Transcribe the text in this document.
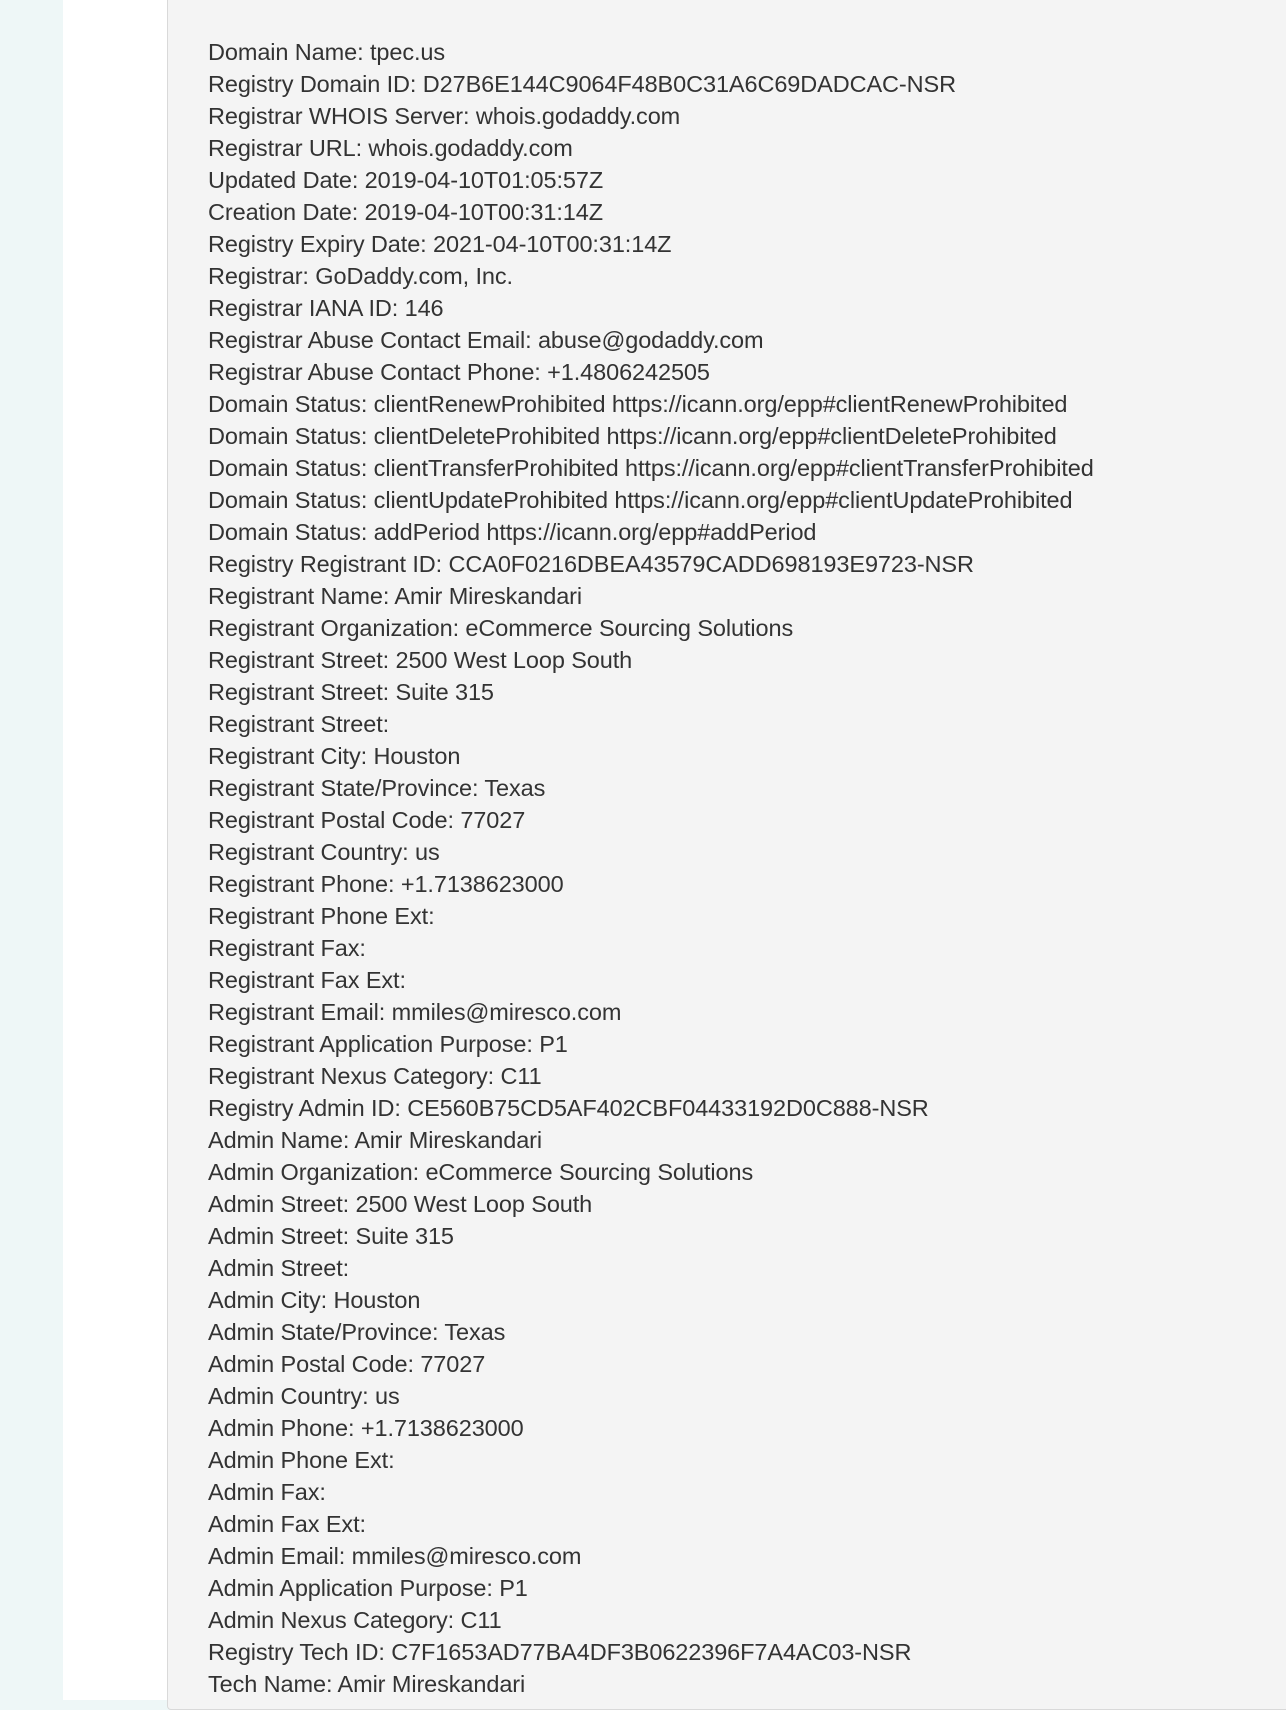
Domain Name: tpec.us
Registry Domain ID: D27B6E144C9064F48B0C31A6C69DADCAC-NSR
Registrar WHOIS Server: whois.godaddy.com
Registrar URL: whois.godaddy.com
Updated Date: 2019-04-10T01:05:57Z
Creation Date: 2019-04-10T00:31:14Z
Registry Expiry Date: 2021-04-10T00:31:14Z
Registrar: GoDaddy.com, Inc.
Registrar IANA ID: 146
Registrar Abuse Contact Email: abuse@godaddy.com
Registrar Abuse Contact Phone: +1.4806242505
Domain Status: clientRenewProhibited https://icann.org/epp#clientRenewProhibited
Domain Status: clientDeleteProhibited https://icann.org/epp#clientDeleteProhibited
Domain Status: clientTransferProhibited https://icann.org/epp#clientTransferProhibited
Domain Status: clientUpdateProhibited https://icann.org/epp#clientUpdateProhibited
Domain Status: addPeriod https://icann.org/epp#addPeriod
Registry Registrant ID: CCA0F0216DBEA43579CADD698193E9723-NSR
Registrant Name: Amir Mireskandari
Registrant Organization: eCommerce Sourcing Solutions
Registrant Street: 2500 West Loop South
Registrant Street: Suite 315
Registrant Street:
Registrant City: Houston
Registrant State/Province: Texas
Registrant Postal Code: 77027
Registrant Country: us
Registrant Phone: +1.7138623000
Registrant Phone Ext:
Registrant Fax:
Registrant Fax Ext:
Registrant Email: mmiles@miresco.com
Registrant Application Purpose: P1
Registrant Nexus Category: C11
Registry Admin ID: CE560B75CD5AF402CBF04433192D0C888-NSR
Admin Name: Amir Mireskandari
Admin Organization: eCommerce Sourcing Solutions
Admin Street: 2500 West Loop South
Admin Street: Suite 315
Admin Street:
Admin City: Houston
Admin State/Province: Texas
Admin Postal Code: 77027
Admin Country: us
Admin Phone: +1.7138623000
Admin Phone Ext:
Admin Fax:
Admin Fax Ext:
Admin Email: mmiles@miresco.com
Admin Application Purpose: P1
Admin Nexus Category: C11
Registry Tech ID: C7F1653AD77BA4DF3B0622396F7A4AC03-NSR
Tech Name: Amir Mireskandari
